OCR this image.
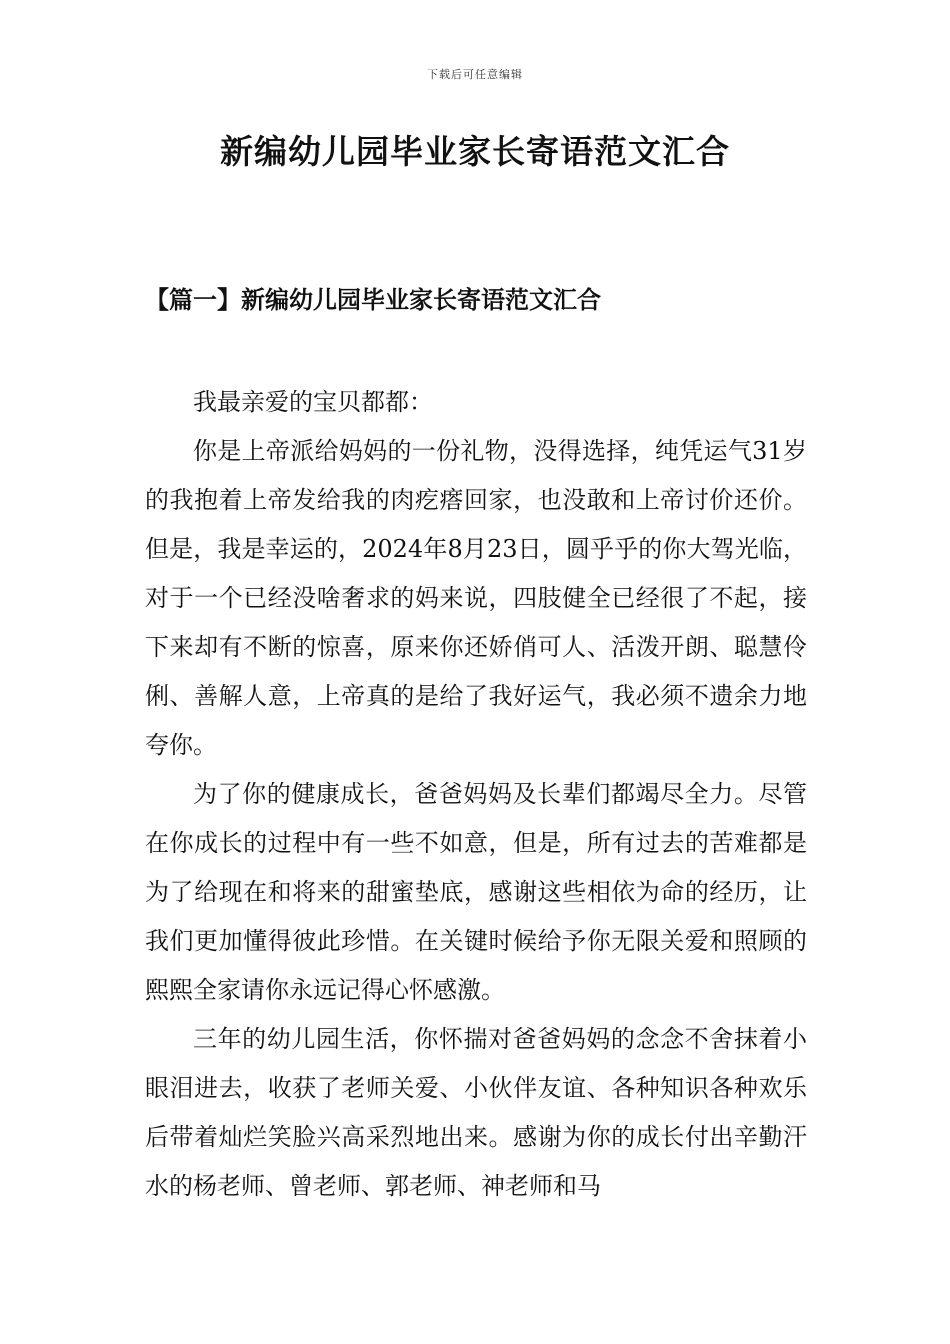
下载后可任意编辑
新编幼儿园毕业家长寄语范文汇合
【篇一】新编幼儿园毕业家长寄语范文汇合

我最亲爱的宝贝都都：

你是上帝派给妈妈的一份礼物，没得选择，纯凭运气31岁的我抱着上帝发给我的肉疙瘩回家，也没敢和上帝讨价还价。但是，我是幸运的，2024年8月23日，圆乎乎的你大驾光临，对于一个已经没啥奢求的妈来说，四肢健全已经很了不起，接下来却有不断的惊喜，原来你还娇俏可人、活泼开朗、聪慧伶俐、善解人意，上帝真的是给了我好运气，我必须不遗余力地夸你。

为了你的健康成长，爸爸妈妈及长辈们都竭尽全力。尽管在你成长的过程中有一些不如意，但是，所有过去的苦难都是为了给现在和将来的甜蜜垫底，感谢这些相依为命的经历，让我们更加懂得彼此珍惜。在关键时候给予你无限关爱和照顾的熙熙全家请你永远记得心怀感激。

三年的幼儿园生活，你怀揣对爸爸妈妈的念念不舍抹着小眼泪进去，收获了老师关爱、小伙伴友谊、各种知识各种欢乐后带着灿烂笑脸兴高采烈地出来。感谢为你的成长付出辛勤汗水的杨老师、曾老师、郭老师、神老师和马
